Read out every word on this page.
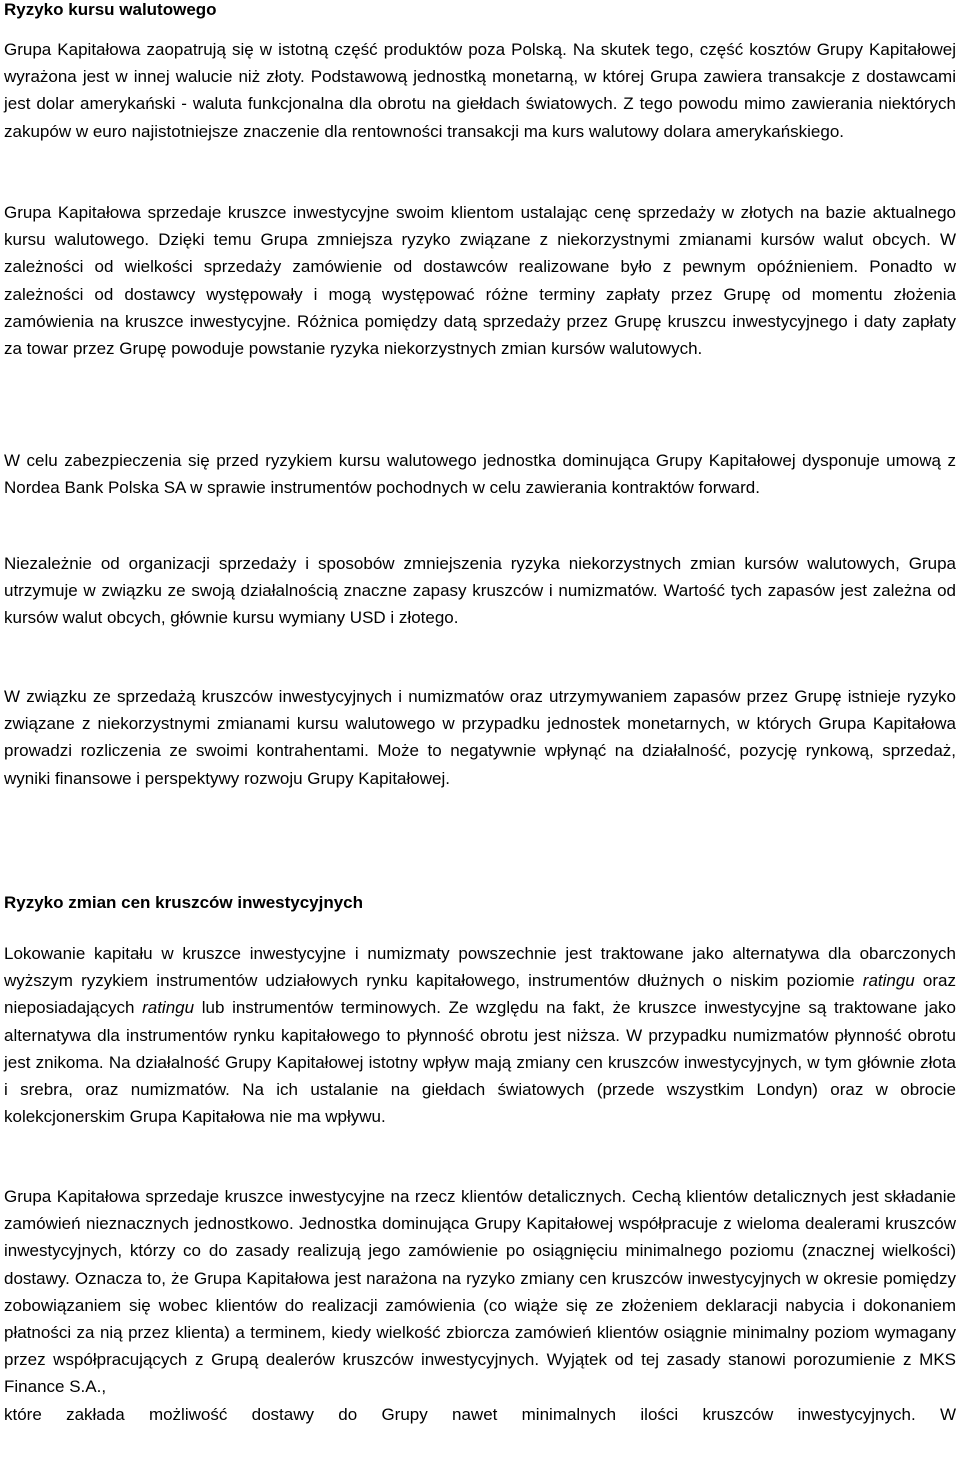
Ryzyko kursu walutowego

Grupa Kapitałowa zaopatrują się w istotną część produktów poza Polską. Na skutek tego, część kosztów Grupy Kapitałowej wyrażona jest w innej walucie niż złoty. Podstawową jednostką monetarną, w której Grupa zawiera transakcje z dostawcami jest dolar amerykański - waluta funkcjonalna dla obrotu na giełdach światowych. Z tego powodu mimo zawierania niektórych zakupów w euro najistotniejsze znaczenie dla rentowności transakcji ma kurs walutowy dolara amerykańskiego.

Grupa Kapitałowa sprzedaje kruszce inwestycyjne swoim klientom ustalając cenę sprzedaży w złotych na bazie aktualnego kursu walutowego. Dzięki temu Grupa zmniejsza ryzyko związane z niekorzystnymi zmianami kursów walut obcych. W zależności od wielkości sprzedaży zamówienie od dostawców realizowane było z pewnym opóźnieniem. Ponadto w zależności od dostawcy występowały i mogą występować różne terminy zapłaty przez Grupę od momentu złożenia zamówienia na kruszce inwestycyjne. Różnica pomiędzy datą sprzedaży przez Grupę kruszcu inwestycyjnego i daty zapłaty za towar przez Grupę powoduje powstanie ryzyka niekorzystnych zmian kursów walutowych.

W celu zabezpieczenia się przed ryzykiem kursu walutowego jednostka dominująca Grupy Kapitałowej dysponuje umową z Nordea Bank Polska SA w sprawie instrumentów pochodnych w celu zawierania kontraktów forward.

Niezależnie od organizacji sprzedaży i sposobów zmniejszenia ryzyka niekorzystnych zmian kursów walutowych, Grupa utrzymuje w związku ze swoją działalnością znaczne zapasy kruszców i numizmatów. Wartość tych zapasów jest zależna od kursów walut obcych, głównie kursu wymiany USD i złotego.

W związku ze sprzedażą kruszców inwestycyjnych i numizmatów oraz utrzymywaniem zapasów przez Grupę istnieje ryzyko związane z niekorzystnymi zmianami kursu walutowego w przypadku jednostek monetarnych, w których Grupa Kapitałowa prowadzi rozliczenia ze swoimi kontrahentami. Może to negatywnie wpłynąć na działalność, pozycję rynkową, sprzedaż, wyniki finansowe i perspektywy rozwoju Grupy Kapitałowej.

Ryzyko zmian cen kruszców inwestycyjnych

Lokowanie kapitału w kruszce inwestycyjne i numizmaty powszechnie jest traktowane jako alternatywa dla obarczonych wyższym ryzykiem instrumentów udziałowych rynku kapitałowego, instrumentów dłużnych o niskim poziomie ratingu oraz nieposiadających ratingu lub instrumentów terminowych. Ze względu na fakt, że kruszce inwestycyjne są traktowane jako alternatywa dla instrumentów rynku kapitałowego to płynność obrotu jest niższa. W przypadku numizmatów płynność obrotu jest znikoma. Na działalność Grupy Kapitałowej istotny wpływ mają zmiany cen kruszców inwestycyjnych, w tym głównie złota i srebra, oraz numizmatów. Na ich ustalanie na giełdach światowych (przede wszystkim Londyn) oraz w obrocie kolekcjonerskim Grupa Kapitałowa nie ma wpływu.

Grupa Kapitałowa sprzedaje kruszce inwestycyjne na rzecz klientów detalicznych. Cechą klientów detalicznych jest składanie zamówień nieznacznych jednostkowo. Jednostka dominująca Grupy Kapitałowej współpracuje z wieloma dealerami kruszców inwestycyjnych, którzy co do zasady realizują jego zamówienie po osiągnięciu minimalnego poziomu (znacznej wielkości) dostawy. Oznacza to, że Grupa Kapitałowa jest narażona na ryzyko zmiany cen kruszców inwestycyjnych w okresie pomiędzy zobowiązaniem się wobec klientów do realizacji zamówienia (co wiąże się ze złożeniem deklaracji nabycia i dokonaniem płatności za nią przez klienta) a terminem, kiedy wielkość zbiorcza zamówień klientów osiągnie minimalny poziom wymagany przez współpracujących z Grupą dealerów kruszców inwestycyjnych. Wyjątek od tej zasady stanowi porozumienie z MKS Finance S.A.,
które zakłada możliwość dostawy do Grupy nawet minimalnych ilości kruszców inwestycyjnych. W
